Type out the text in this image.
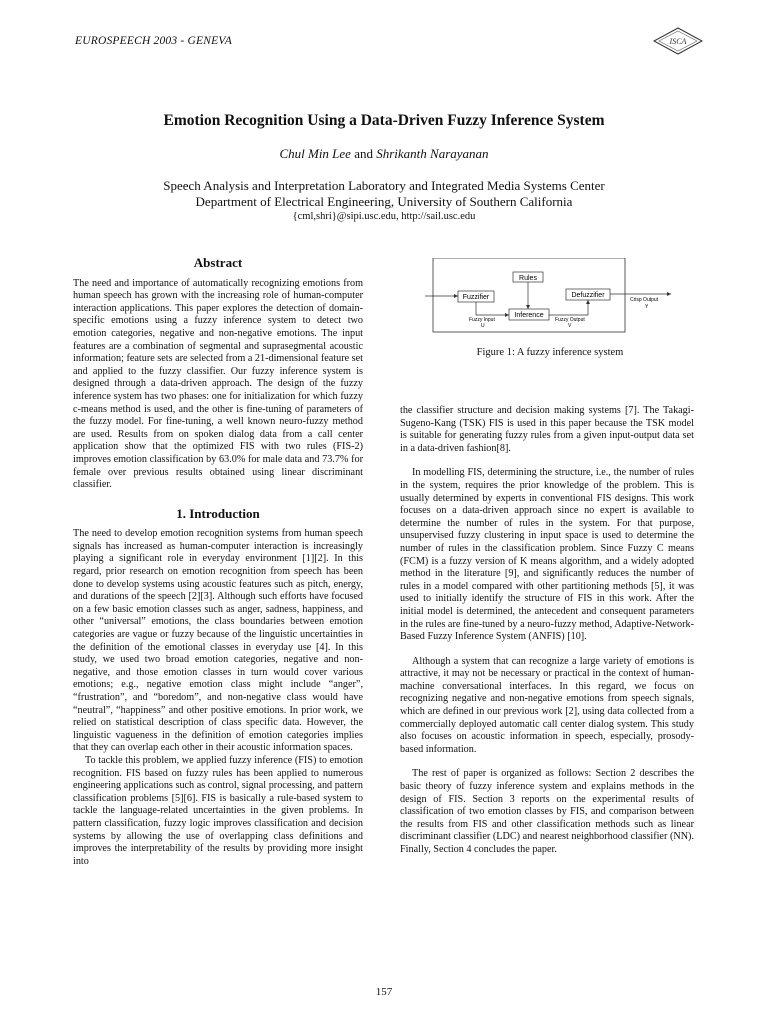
EUROSPEECH 2003 - GENEVA	ISCA
Emotion Recognition Using a Data-Driven Fuzzy Inference System
Chul Min Lee and Shrikanth Narayanan
Speech Analysis and Interpretation Laboratory and Integrated Media Systems Center
Department of Electrical Engineering, University of Southern California
{cml,shri}@sipi.usc.edu, http://sail.usc.edu

Abstract

The need and importance of automatically recognizing emotions from human speech has grown with the increasing role of human-computer interaction applications. This paper explores the detection of domain-specific emotions using a fuzzy inference system to detect two emotion categories, negative and non-negative emotions. The input features are a combination of segmental and suprasegmental acoustic information; feature sets are selected from a 21-dimensional feature set and applied to the fuzzy classifier. Our fuzzy inference system is designed through a data-driven approach. The design of the fuzzy inference system has two phases: one for initialization for which fuzzy c-means method is used, and the other is fine-tuning of parameters of the fuzzy model. For fine-tuning, a well known neuro-fuzzy method are used. Results from on spoken dialog data from a call center application show that the optimized FIS with two rules (FIS-2) improves emotion classification by 63.0% for male data and 73.7% for female over previous results obtained using linear discriminant classifier.

1. Introduction

The need to develop emotion recognition systems from human speech signals has increased as human-computer interaction is increasingly playing a significant role in everyday environment [1][2]. In this regard, prior research on emotion recognition from speech has been done to develop systems using acoustic features such as pitch, energy, and durations of the speech [2][3]. Although such efforts have focused on a few basic emotion classes such as anger, sadness, happiness, and other “universal” emotions, the class boundaries between emotion categories are vague or fuzzy because of the linguistic uncertainties in the definition of the emotional classes in everyday use [4]. In this study, we used two broad emotion categories, negative and non-negative, and those emotion classes in turn would cover various emotions; e.g., negative emotion class might include “anger”, “frustration”, and “boredom”, and non-negative class would have “neutral”, “happiness” and other positive emotions. In prior work, we relied on statistical description of class specific data. However, the linguistic vagueness in the definition of emotion categories implies that they can overlap each other in their acoustic information spaces.

To tackle this problem, we applied fuzzy inference (FIS) to emotion recognition. FIS based on fuzzy rules has been applied to numerous engineering applications such as control, signal processing, and pattern classification problems [5][6]. FIS is basically a rule-based system to tackle the language-related uncertainties in the given problems. In pattern classification, fuzzy logic improves classification and decision systems by allowing the use of overlapping class definitions and improves the interpretability of the results by providing more insight into

Rules
Fuzzifier	Defuzzifier
Inference
Crisp Output
Y
Fuzzy Input
U
Fuzzy Output
V
Figure 1: A fuzzy inference system

the classifier structure and decision making systems [7]. The Takagi-Sugeno-Kang (TSK) FIS is used in this paper because the TSK model is suitable for generating fuzzy rules from a given input-output data set in a data-driven fashion[8].

In modelling FIS, determining the structure, i.e., the number of rules in the system, requires the prior knowledge of the problem. This is usually determined by experts in conventional FIS designs. This work focuses on a data-driven approach since no expert is available to determine the number of rules in the system. For that purpose, unsupervised fuzzy clustering in input space is used to determine the number of rules in the classification problem. Since Fuzzy C means (FCM) is a fuzzy version of K means algorithm, and a widely adopted method in the literature [9], and significantly reduces the number of rules in a model compared with other partitioning methods [5], it was used to initially identify the structure of FIS in this work. After the initial model is determined, the antecedent and consequent parameters in the rules are fine-tuned by a neuro-fuzzy method, Adaptive-Network-Based Fuzzy Inference System (ANFIS) [10].

Although a system that can recognize a large variety of emotions is attractive, it may not be necessary or practical in the context of human-machine conversational interfaces. In this regard, we focus on recognizing negative and non-negative emotions from speech signals, which are defined in our previous work [2], using data collected from a commercially deployed automatic call center dialog system. This study also focuses on acoustic information in speech, especially, prosody-based information.

The rest of paper is organized as follows: Section 2 describes the basic theory of fuzzy inference system and explains methods in the design of FIS. Section 3 reports on the experimental results of classification of two emotion classes by FIS, and comparison between the results from FIS and other classification methods such as linear discriminant classifier (LDC) and nearest neighborhood classifier (NN). Finally, Section 4 concludes the paper.

157
